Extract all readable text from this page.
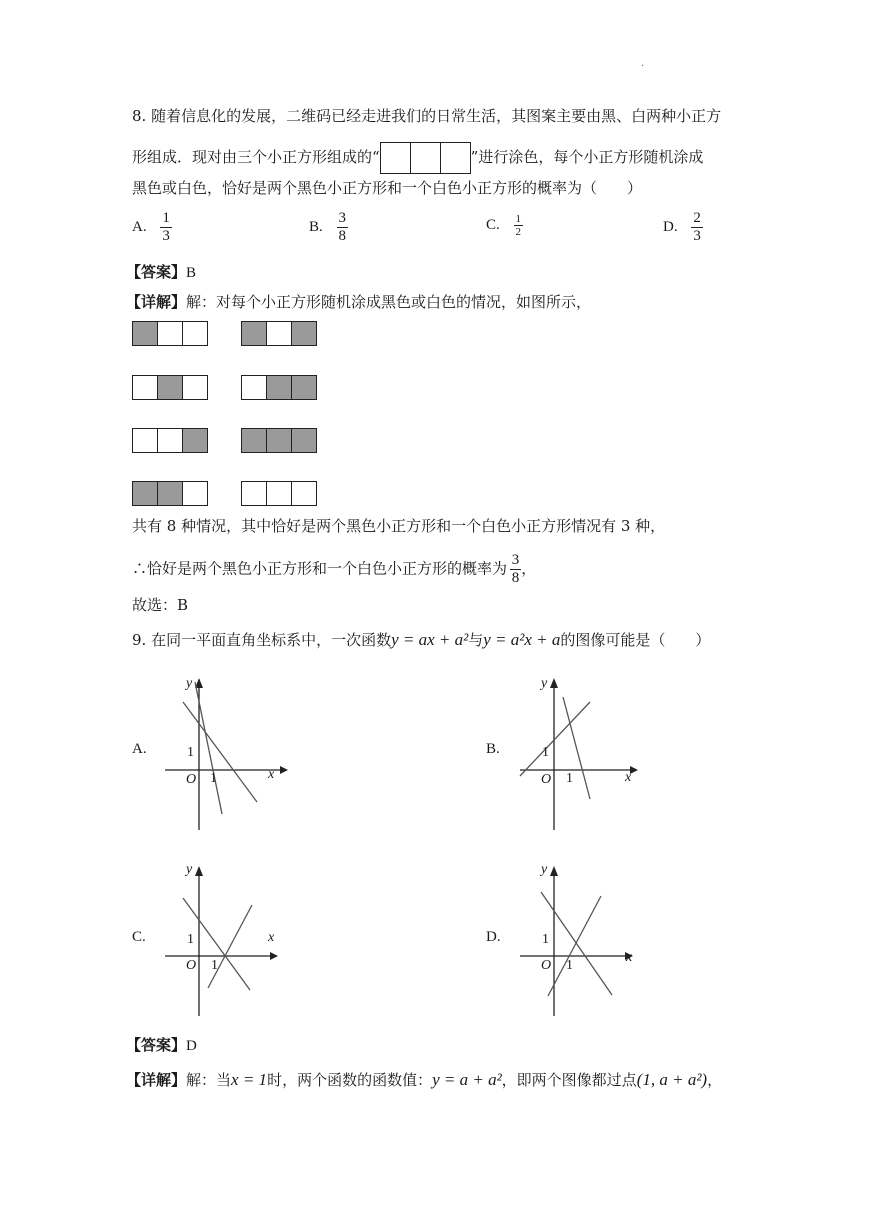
.
8. 随着信息化的发展，二维码已经走进我们的日常生活，其图案主要由黑、白两种小正方
形组成．现对由三个小正方形组成的“	”进行涂色，每个小正方形随机涂成
黑色或白色，恰好是两个黑色小正方形和一个白色小正方形的概率为（　　）
A. $\frac{1}{3}$	B. $\frac{3}{8}$	C. $\frac{1}{2}$	D. $\frac{2}{3}$
【答案】B
【详解】解：对每个小正方形随机涂成黑色或白色的情况，如图所示，
共有 8 种情况，其中恰好是两个黑色小正方形和一个白色小正方形情况有 3 种，
∴恰好是两个黑色小正方形和一个白色小正方形的概率为 $\frac{3}{8}$ ，
故选：B
9. 在同一平面直角坐标系中，一次函数y = ax + a²与y = a²x + a的图像可能是（　　）
A.
y
x
O
1
1
B.
y
x
O
1
1
C.
y
x
O
1
1
D.
y
x
O
1
1
【答案】D
【详解】解：当x = 1时，两个函数的函数值：y = a + a²，即两个图像都过点(1, a + a²)，
